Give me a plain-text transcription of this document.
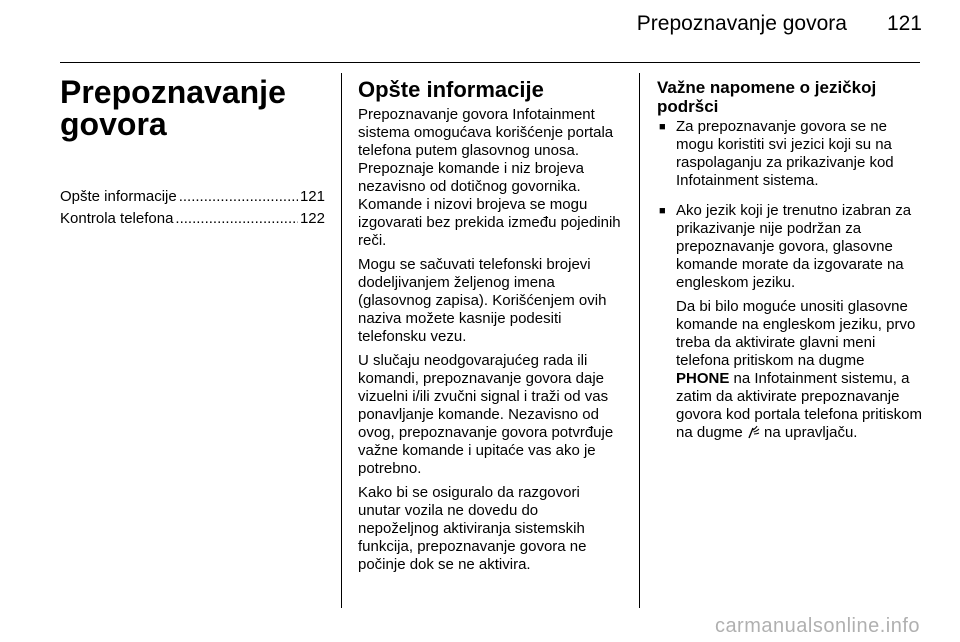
Prepoznavanje govora 121
Prepoznavanje
govora
Opšte informacije .....	121
Kontrola telefona .....	122
Opšte informacije

Prepoznavanje govora Infotainment sistema omogućava korišćenje portala telefona putem glasovnog unosa. Prepoznaje komande i niz brojeva nezavisno od dotičnog govornika. Komande i nizovi brojeva se mogu izgovarati bez prekida između pojedinih reči.

Mogu se sačuvati telefonski brojevi dodeljivanjem željenog imena (glasovnog zapisa). Korišćenjem ovih naziva možete kasnije podesiti telefonsku vezu.

U slučaju neodgovarajućeg rada ili komandi, prepoznavanje govora daje vizuelni i/ili zvučni signal i traži od vas ponavljanje komande. Nezavisno od ovog, prepoznavanje govora potvrđuje važne komande i upitaće vas ako je potrebno.

Kako bi se osiguralo da razgovori unutar vozila ne dovedu do nepoželjnog aktiviranja sistemskih funkcija, prepoznavanje govora ne počinje dok se ne aktivira.

Važne napomene o jezičkoj podršci
■ Za prepoznavanje govora se ne mogu koristiti svi jezici koji su na raspolaganju za prikazivanje kod Infotainment sistema.

■ Ako jezik koji je trenutno izabran za prikazivanje nije podržan za prepoznavanje govora, glasovne komande morate da izgovarate na engleskom jeziku.

Da bi bilo moguće unositi glasovne komande na engleskom jeziku, prvo treba da aktivirate glavni meni telefona pritiskom na dugme
PHONE na Infotainment sistemu, a zatim da aktivirate prepoznavanje govora kod portala telefona pritiskom na dugme  na upravljaču.

carmanualsonline.info
